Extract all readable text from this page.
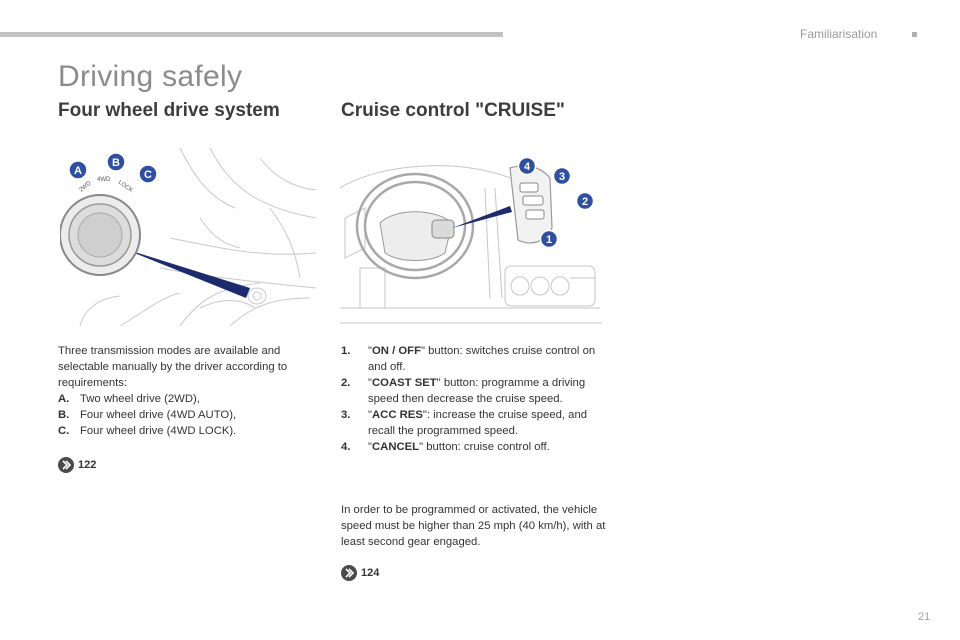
Familiarisation
Driving safely
Four wheel drive system	Cruise control "CRUISE"
2WD
4WD LOCK
A
B
C
4
3
2
1
Three transmission modes are available and selectable manually by the driver according to requirements:
A. Two wheel drive (2WD),
B. Four wheel drive (4WD AUTO),
C. Four wheel drive (4WD LOCK).
122
1.	"ON / OFF" button: switches cruise control on and off.
2.	"COAST SET" button: programme a driving speed then decrease the cruise speed.
3.	"ACC RES": increase the cruise speed, and recall the programmed speed.
4.	"CANCEL" button: cruise control off.
In order to be programmed or activated, the vehicle speed must be higher than 25 mph (40 km/h), with at least second gear engaged.
124
21
